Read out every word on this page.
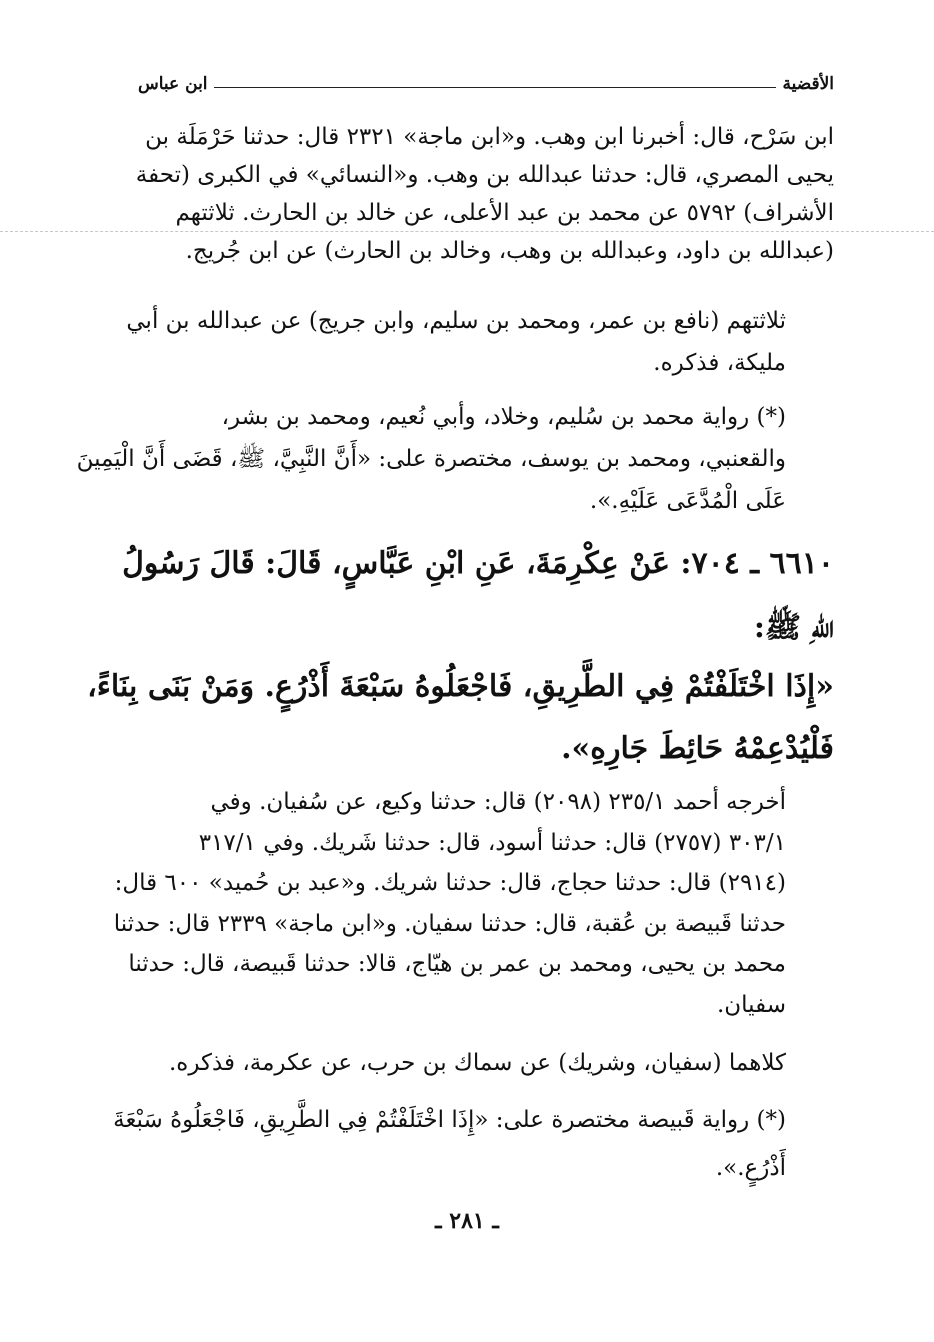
الأقضية
ابن عباس
ابن سَرْح، قال: أخبرنا ابن وهب. و«ابن ماجة» ٢٣٢١ قال: حدثنا حَرْمَلَة بن
يحيى المصري، قال: حدثنا عبدالله بن وهب. و«النسائي» في الكبرى (تحفة
الأشراف) ٥٧٩٢ عن محمد بن عبد الأعلى، عن خالد بن الحارث. ثلاثتهم
(عبدالله بن داود، وعبدالله بن وهب، وخالد بن الحارث) عن ابن جُريج.
ثلاثتهم (نافع بن عمر، ومحمد بن سليم، وابن جريج) عن عبدالله بن أبي
مليكة، فذكره.
(*) رواية محمد بن سُليم، وخلاد، وأبي نُعيم، ومحمد بن بشر،
والقعنبي، ومحمد بن يوسف، مختصرة على: «أَنَّ النَّبِيَّ، ﷺ، قَضَى أَنَّ الْيَمِينَ
عَلَى الْمُدَّعَى عَلَيْهِ.».
٦٦١٠ ـ ٧٠٤: عَنْ عِكْرِمَةَ، عَنِ ابْنِ عَبَّاسٍ، قَالَ: قَالَ رَسُولُ
اللهِ ﷺ:
«إِذَا اخْتَلَفْتُمْ فِي الطَّرِيقِ، فَاجْعَلُوهُ سَبْعَةَ أَذْرُعٍ. وَمَنْ بَنَى بِنَاءً،
فَلْيُدْعِمْهُ حَائِطَ جَارِهِ».
أخرجه أحمد ٢٣٥/١ (٢٠٩٨) قال: حدثنا وكيع، عن سُفيان. وفي
٣٠٣/١ (٢٧٥٧) قال: حدثنا أسود، قال: حدثنا شَريك. وفي ٣١٧/١
(٢٩١٤) قال: حدثنا حجاج، قال: حدثنا شريك. و«عبد بن حُميد» ٦٠٠ قال:
حدثنا قَبيصة بن عُقبة، قال: حدثنا سفيان. و«ابن ماجة» ٢٣٣٩ قال: حدثنا
محمد بن يحيى، ومحمد بن عمر بن هيّاج، قالا: حدثنا قَبيصة، قال: حدثنا
سفيان.
كلاهما (سفيان، وشريك) عن سماك بن حرب، عن عكرمة، فذكره.
(*) رواية قَبيصة مختصرة على: «إِذَا اخْتَلَفْتُمْ فِي الطَّرِيقِ، فَاجْعَلُوهُ سَبْعَةَ
أَذْرُعٍ.».
ـ ٢٨١ ـ
